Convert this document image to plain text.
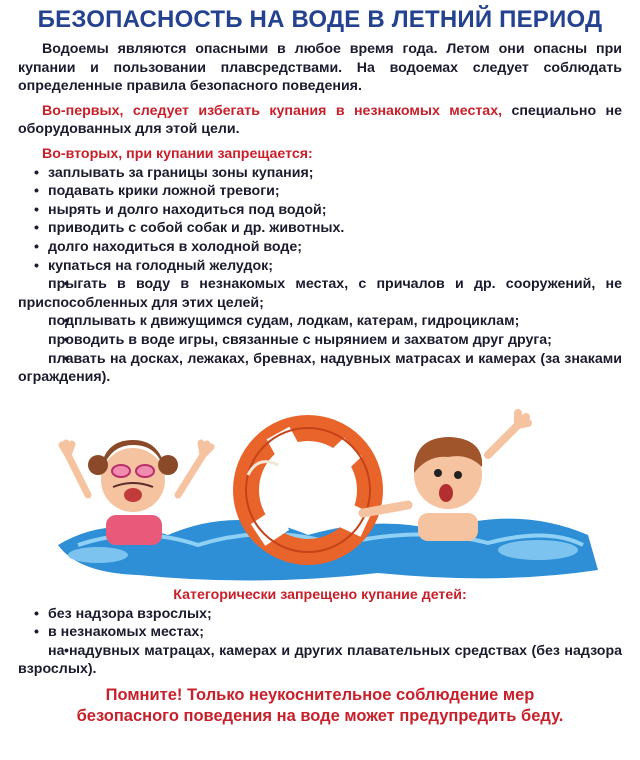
БЕЗОПАСНОСТЬ НА ВОДЕ В ЛЕТНИЙ ПЕРИОД

Водоемы являются опасными в любое время года. Летом они опасны при купании и пользовании плавсредствами. На водоемах следует соблюдать определенные правила безопасного поведения.

Во-первых, следует избегать купания в незнакомых местах, специально не оборудованных для этой цели.

Во-вторых, при купании запрещается:

• заплывать за границы зоны купания;
• подавать крики ложной тревоги;
• нырять и долго находиться под водой;
• приводить с собой собак и др. животных.
• долго находиться в холодной воде;
• купаться на голодный желудок;
• прыгать в воду в незнакомых местах, с причалов и др. сооружений, не приспособленных для этих целей;
• подплывать к движущимся судам, лодкам, катерам, гидроциклам;
• проводить в воде игры, связанные с нырянием и захватом друг друга;
• плавать на досках, лежаках, бревнах, надувных матрасах и камерах (за знаками ограждения).
Категорически запрещено купание детей:
• без надзора взрослых;
• в незнакомых местах;
• на надувных матрацах, камерах и других плавательных средствах (без надзора взрослых).
Помните! Только неукоснительное соблюдение мер
безопасного поведения на воде может предупредить беду.
